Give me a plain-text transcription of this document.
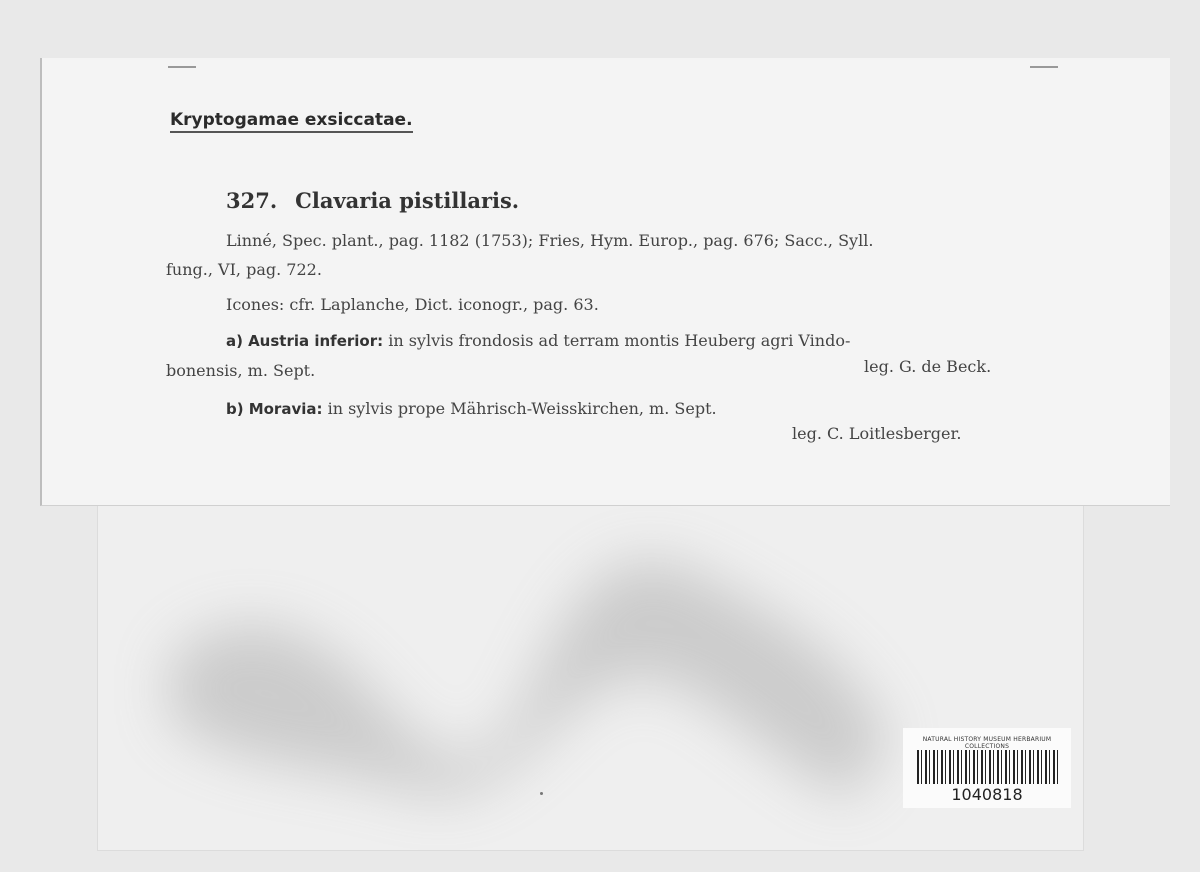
Kryptogamae exsiccatae.
327. Clavaria pistillaris.
Linné, Spec. plant., pag. 1182 (1753); Fries, Hym. Europ., pag. 676; Sacc., Syll.
fung., VI, pag. 722.
Icones: cfr. Laplanche, Dict. iconogr., pag. 63.
a) Austria inferior: in sylvis frondosis ad terram montis Heuberg agri Vindo-
bonensis, m. Sept.	leg. G. de Beck.
b) Moravia: in sylvis prope Mährisch-Weisskirchen, m. Sept.
leg. C. Loitlesberger.
NATURAL HISTORY MUSEUM HERBARIUM COLLECTIONS
1040818
